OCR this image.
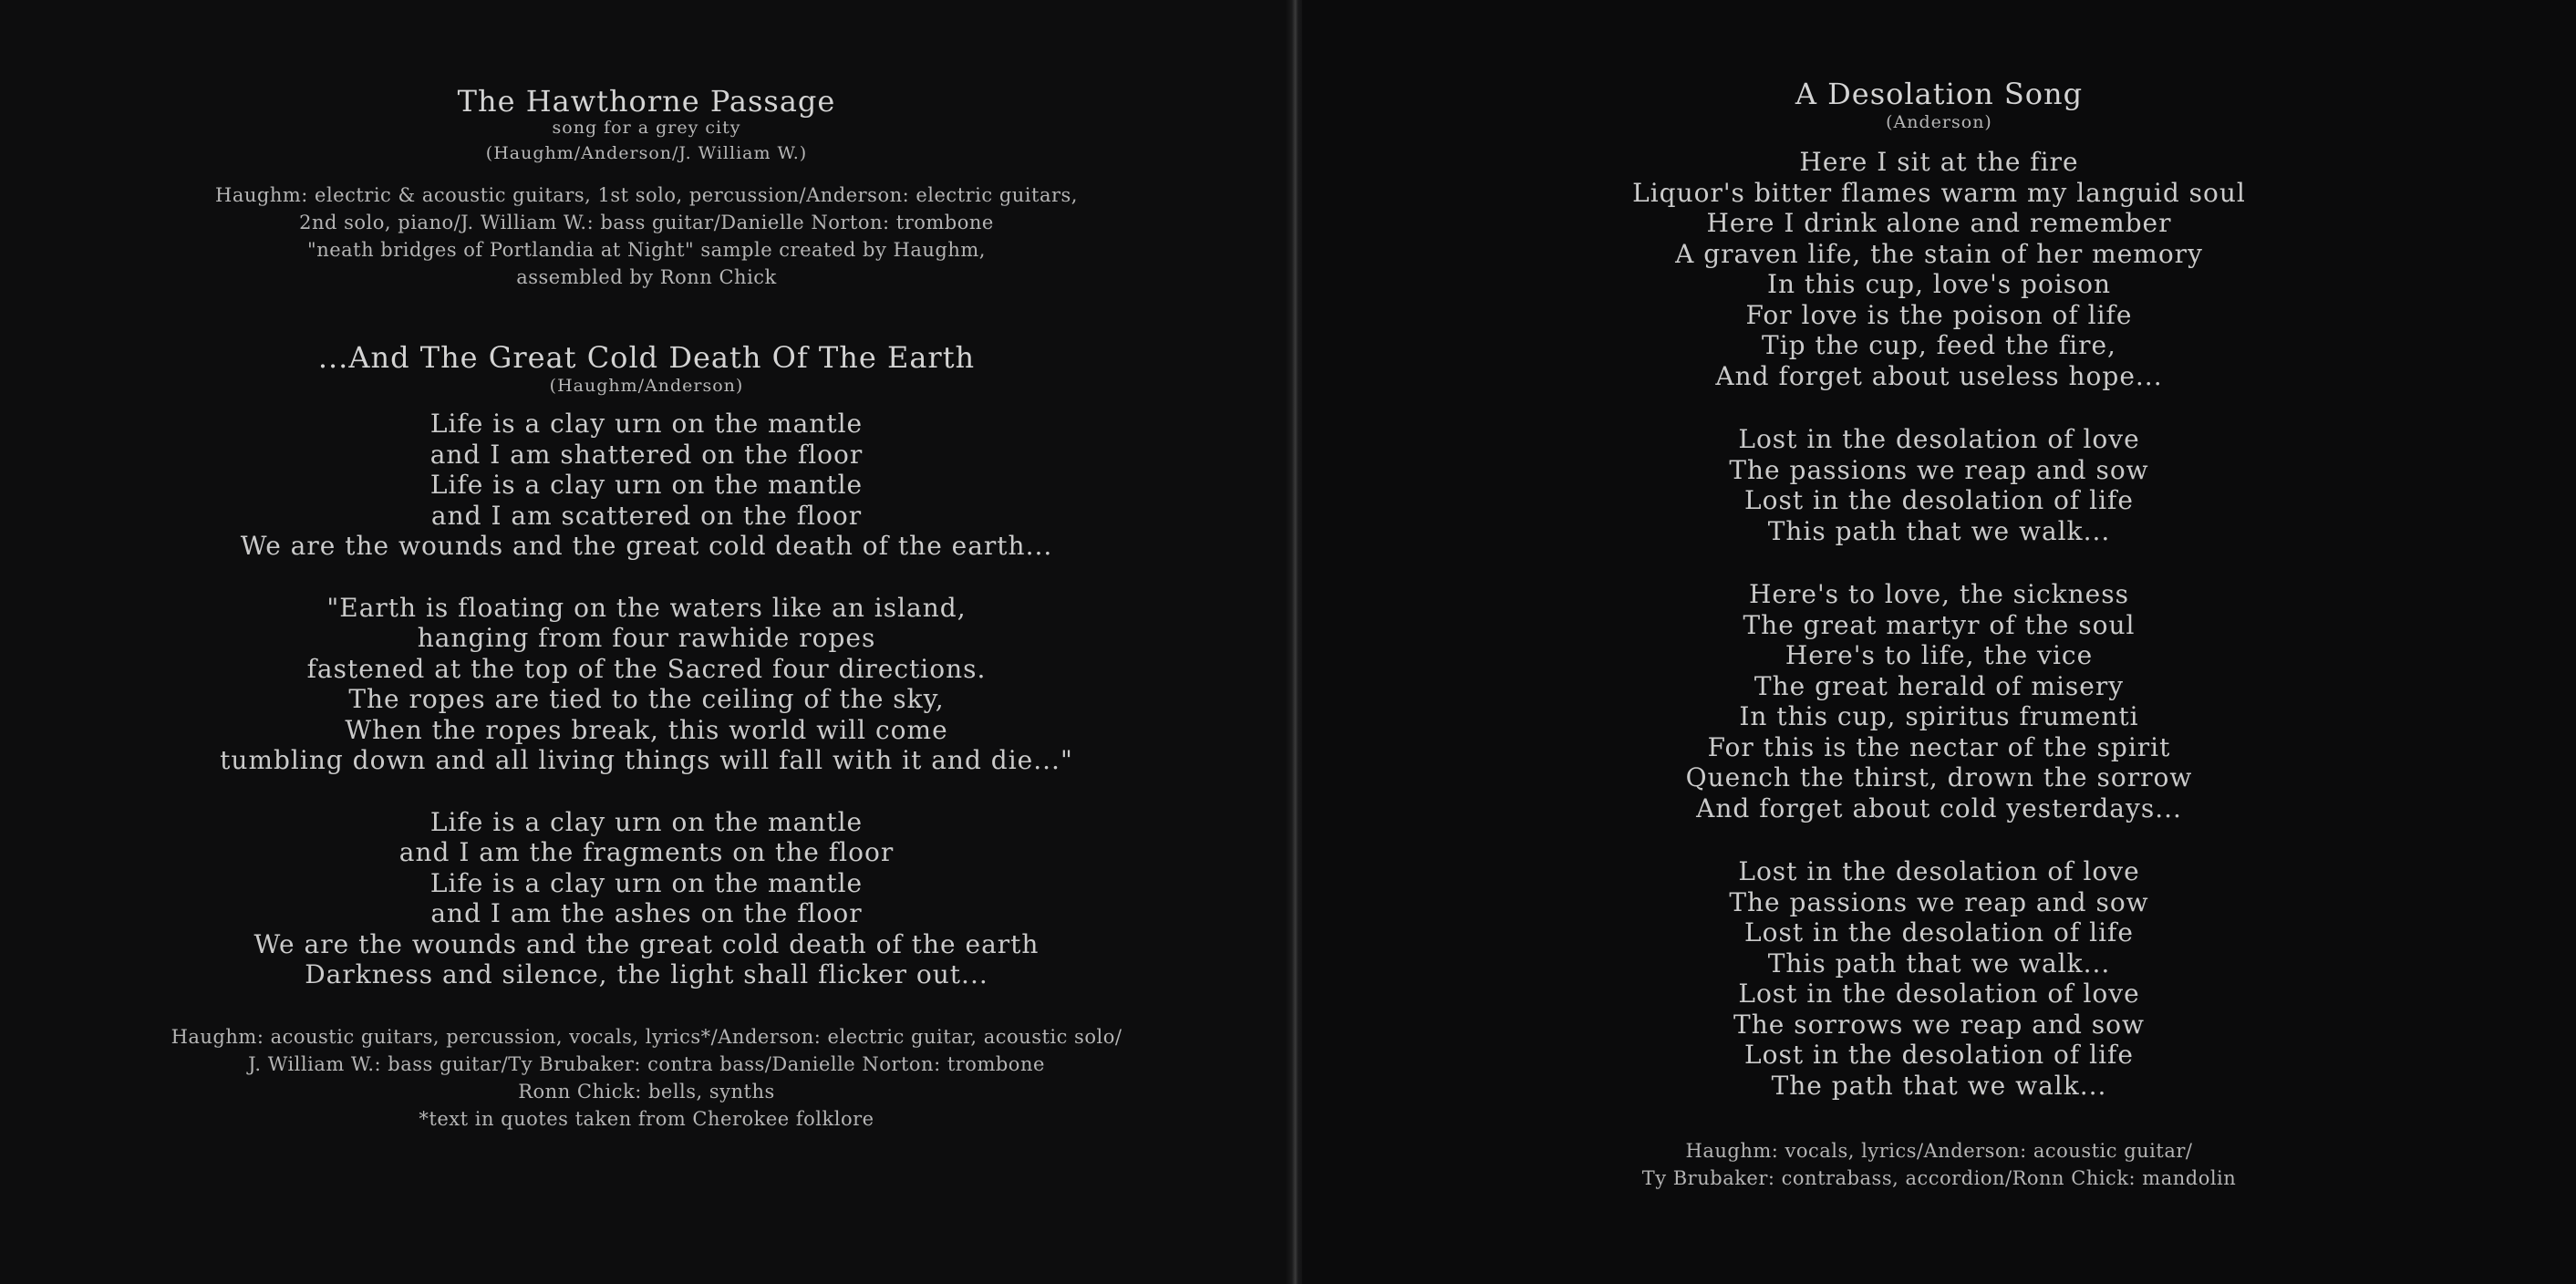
The Hawthorne Passage
song for a grey city
(Haughm/Anderson/J. William W.)
Haughm: electric & acoustic guitars, 1st solo, percussion/Anderson: electric guitars,
2nd solo, piano/J. William W.: bass guitar/Danielle Norton: trombone
"neath bridges of Portlandia at Night" sample created by Haughm,
assembled by Ronn Chick
...And The Great Cold Death Of The Earth
(Haughm/Anderson)
Life is a clay urn on the mantle
and I am shattered on the floor
Life is a clay urn on the mantle
and I am scattered on the floor
We are the wounds and the great cold death of the earth...
"Earth is floating on the waters like an island,
hanging from four rawhide ropes
fastened at the top of the Sacred four directions.
The ropes are tied to the ceiling of the sky,
When the ropes break, this world will come
tumbling down and all living things will fall with it and die..."
Life is a clay urn on the mantle
and I am the fragments on the floor
Life is a clay urn on the mantle
and I am the ashes on the floor
We are the wounds and the great cold death of the earth
Darkness and silence, the light shall flicker out...
Haughm: acoustic guitars, percussion, vocals, lyrics*/Anderson: electric guitar, acoustic solo/
J. William W.: bass guitar/Ty Brubaker: contra bass/Danielle Norton: trombone
Ronn Chick: bells, synths
*text in quotes taken from Cherokee folklore
A Desolation Song
(Anderson)
Here I sit at the fire
Liquor's bitter flames warm my languid soul
Here I drink alone and remember
A graven life, the stain of her memory
In this cup, love's poison
For love is the poison of life
Tip the cup, feed the fire,
And forget about useless hope...
Lost in the desolation of love
The passions we reap and sow
Lost in the desolation of life
This path that we walk...
Here's to love, the sickness
The great martyr of the soul
Here's to life, the vice
The great herald of misery
In this cup, spiritus frumenti
For this is the nectar of the spirit
Quench the thirst, drown the sorrow
And forget about cold yesterdays...
Lost in the desolation of love
The passions we reap and sow
Lost in the desolation of life
This path that we walk...
Lost in the desolation of love
The sorrows we reap and sow
Lost in the desolation of life
The path that we walk...
Haughm: vocals, lyrics/Anderson: acoustic guitar/
Ty Brubaker: contrabass, accordion/Ronn Chick: mandolin
